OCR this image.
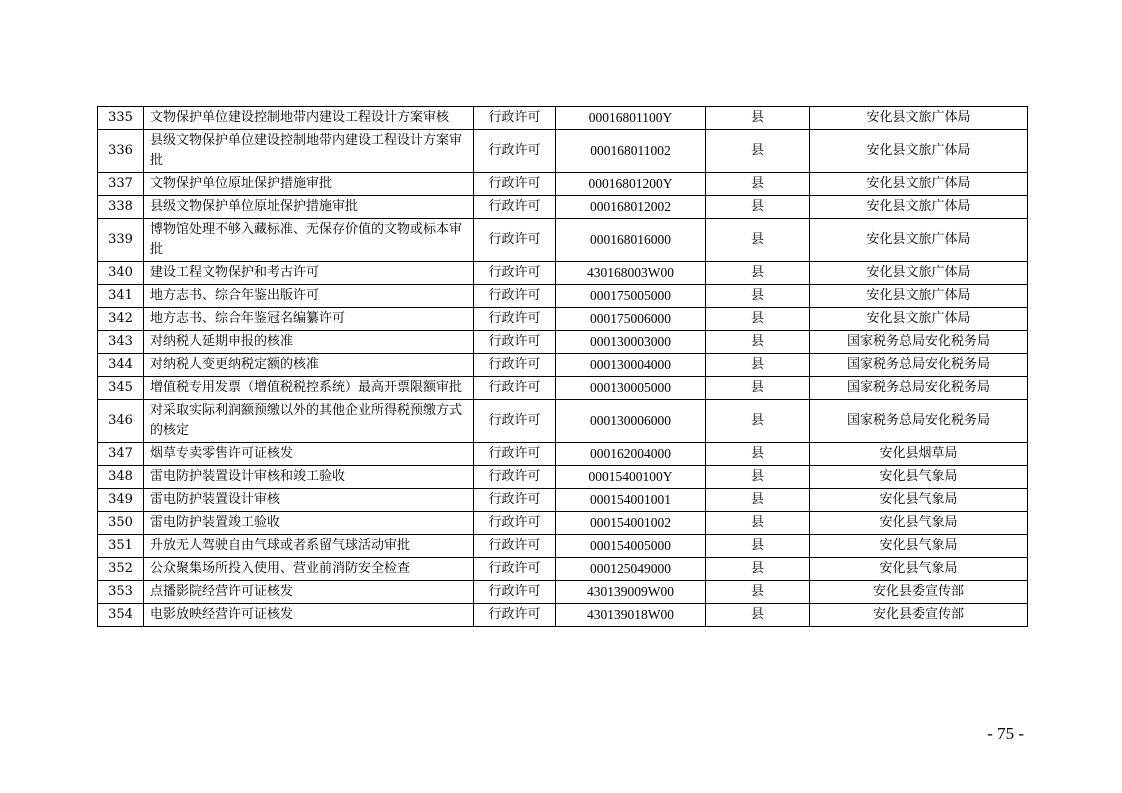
335	文物保护单位建设控制地带内建设工程设计方案审核	行政许可	00016801100Y	县	安化县文旅广体局
336	县级文物保护单位建设控制地带内建设工程设计方案审批	行政许可	000168011002	县	安化县文旅广体局
337	文物保护单位原址保护措施审批	行政许可	00016801200Y	县	安化县文旅广体局
338	县级文物保护单位原址保护措施审批	行政许可	000168012002	县	安化县文旅广体局
339	博物馆处理不够入藏标准、无保存价值的文物或标本审批	行政许可	000168016000	县	安化县文旅广体局
340	建设工程文物保护和考古许可	行政许可	430168003W00	县	安化县文旅广体局
341	地方志书、综合年鉴出版许可	行政许可	000175005000	县	安化县文旅广体局
342	地方志书、综合年鉴冠名编纂许可	行政许可	000175006000	县	安化县文旅广体局
343	对纳税人延期申报的核准	行政许可	000130003000	县	国家税务总局安化税务局
344	对纳税人变更纳税定额的核准	行政许可	000130004000	县	国家税务总局安化税务局
345	增值税专用发票（增值税税控系统）最高开票限额审批	行政许可	000130005000	县	国家税务总局安化税务局
346	对采取实际利润额预缴以外的其他企业所得税预缴方式的核定	行政许可	000130006000	县	国家税务总局安化税务局
347	烟草专卖零售许可证核发	行政许可	000162004000	县	安化县烟草局
348	雷电防护装置设计审核和竣工验收	行政许可	00015400100Y	县	安化县气象局
349	雷电防护装置设计审核	行政许可	000154001001	县	安化县气象局
350	雷电防护装置竣工验收	行政许可	000154001002	县	安化县气象局
351	升放无人驾驶自由气球或者系留气球活动审批	行政许可	000154005000	县	安化县气象局
352	公众聚集场所投入使用、营业前消防安全检查	行政许可	000125049000	县	安化县气象局
353	点播影院经营许可证核发	行政许可	430139009W00	县	安化县委宣传部
354	电影放映经营许可证核发	行政许可	430139018W00	县	安化县委宣传部
- 75 -
